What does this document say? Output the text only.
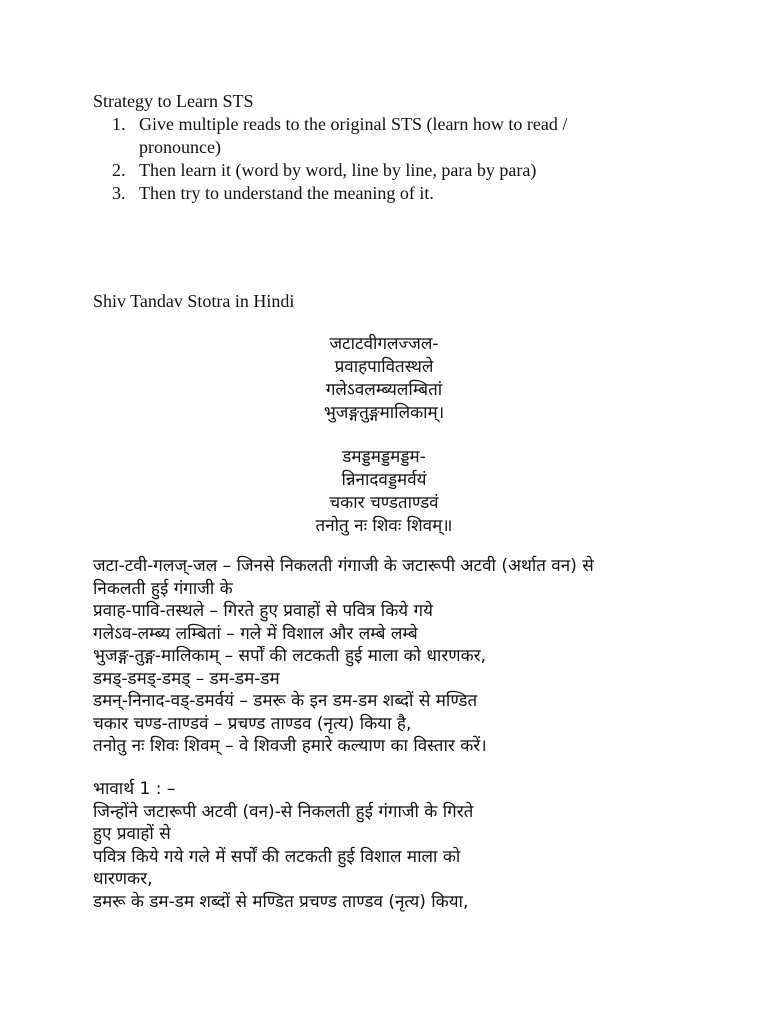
Strategy to Learn STS
1. Give multiple reads to the original STS (learn how to read / pronounce)
2. Then learn it (word by word, line by line, para by para)
3. Then try to understand the meaning of it.
Shiv Tandav Stotra in Hindi
जटाटवीगलज्जल-
प्रवाहपावितस्थले
गलेऽवलम्ब्यलम्बितां
भुजङ्गतुङ्गमालिकाम्।
डमड्डमड्डमड्डम-
न्निनादवड्डमर्वयं
चकार चण्डताण्डवं
तनोतु नः शिवः शिवम्॥
जटा-टवी-गलज्-जल – जिनसे निकलती गंगाजी के जटारूपी अटवी (अर्थात वन) से
निकलती हुई गंगाजी के
प्रवाह-पावि-तस्थले – गिरते हुए प्रवाहों से पवित्र किये गये
गलेऽव-लम्ब्य लम्बितां – गले में विशाल और लम्बे लम्बे
भुजङ्ग-तुङ्ग-मालिकाम् – सर्पों की लटकती हुई माला को धारणकर,
डमड्-डमड्-डमड् – डम-डम-डम
डमन्-निनाद-वड्-डमर्वयं – डमरू के इन डम-डम शब्दों से मण्डित
चकार चण्ड-ताण्डवं – प्रचण्ड ताण्डव (नृत्य) किया है,
तनोतु नः शिवः शिवम् – वे शिवजी हमारे कल्याण का विस्तार करें।
भावार्थ 1 : –
जिन्होंने जटारूपी अटवी (वन)-से निकलती हुई गंगाजी के गिरते
हुए प्रवाहों से
पवित्र किये गये गले में सर्पों की लटकती हुई विशाल माला को
धारणकर,
डमरू के डम-डम शब्दों से मण्डित प्रचण्ड ताण्डव (नृत्य) किया,
